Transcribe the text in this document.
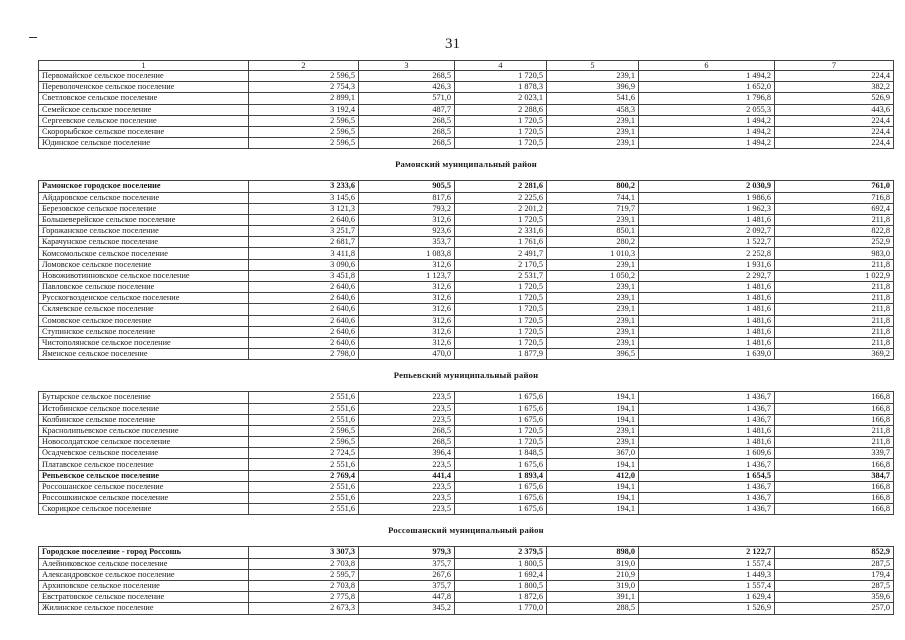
31
1	2	3	4	5	6	7
Первомайское сельское поселение	2 596,5	268,5	1 720,5	239,1	1 494,2	224,4
Переволоченское сельское поселение	2 754,3	426,3	1 878,3	396,9	1 652,0	382,2
Светловское сельское поселение	2 899,1	571,0	2 023,1	541,6	1 796,8	526,9
Семейское сельское поселение	3 192,4	487,7	2 288,6	458,3	2 055,3	443,6
Сергеевское сельское поселение	2 596,5	268,5	1 720,5	239,1	1 494,2	224,4
Скорорыбское сельское поселение	2 596,5	268,5	1 720,5	239,1	1 494,2	224,4
Юдинское сельское поселение	2 596,5	268,5	1 720,5	239,1	1 494,2	224,4
Рамонский муниципальный район						
Рамонское городское поселение	3 233,6	905,5	2 281,6	800,2	2 030,9	761,0
Айдаровское сельское поселение	3 145,6	817,6	2 225,6	744,1	1 986,6	716,8
Березовское сельское поселение	3 121,3	793,2	2 201,2	719,7	1 962,3	692,4
Большеверейское сельское поселение	2 640,6	312,6	1 720,5	239,1	1 481,6	211,8
Горожанское сельское поселение	3 251,7	923,6	2 331,6	850,1	2 092,7	822,8
Карачунское сельское поселение	2 681,7	353,7	1 761,6	280,2	1 522,7	252,9
Комсомольское сельское поселение	3 411,8	1 083,8	2 491,7	1 010,3	2 252,8	983,0
Ломовское сельское поселение	3 090,6	312,6	2 170,5	239,1	1 931,6	211,8
Новоживотинновское сельское поселение	3 451,8	1 123,7	2 531,7	1 050,2	2 292,7	1 022,9
Павловское сельское поселение	2 640,6	312,6	1 720,5	239,1	1 481,6	211,8
Русскогвозденское сельское поселение	2 640,6	312,6	1 720,5	239,1	1 481,6	211,8
Скляевское сельское поселение	2 640,6	312,6	1 720,5	239,1	1 481,6	211,8
Сомовское сельское поселение	2 640,6	312,6	1 720,5	239,1	1 481,6	211,8
Ступинское сельское поселение	2 640,6	312,6	1 720,5	239,1	1 481,6	211,8
Чистополянское сельское поселение	2 640,6	312,6	1 720,5	239,1	1 481,6	211,8
Яменское сельское поселение	2 798,0	470,0	1 877,9	396,5	1 639,0	369,2
Репьевский муниципальный район						
Бутырское сельское поселение	2 551,6	223,5	1 675,6	194,1	1 436,7	166,8
Истобинское сельское поселение	2 551,6	223,5	1 675,6	194,1	1 436,7	166,8
Колбинское сельское поселение	2 551,6	223,5	1 675,6	194,1	1 436,7	166,8
Краснолипьевское сельское поселение	2 596,5	268,5	1 720,5	239,1	1 481,6	211,8
Новосолдатское сельское поселение	2 596,5	268,5	1 720,5	239,1	1 481,6	211,8
Осадчевское сельское поселение	2 724,5	396,4	1 848,5	367,0	1 609,6	339,7
Платавское сельское поселение	2 551,6	223,5	1 675,6	194,1	1 436,7	166,8
Репьевское сельское поселение	2 769,4	441,4	1 893,4	412,0	1 654,5	384,7
Россошанское сельское поселение	2 551,6	223,5	1 675,6	194,1	1 436,7	166,8
Россошкинское сельское поселение	2 551,6	223,5	1 675,6	194,1	1 436,7	166,8
Скорицкое сельское поселение	2 551,6	223,5	1 675,6	194,1	1 436,7	166,8
Россошанский муниципальный район						
Городское поселение - город Россошь	3 307,3	979,3	2 379,5	898,0	2 122,7	852,9
Алейниковское сельское поселение	2 703,8	375,7	1 800,5	319,0	1 557,4	287,5
Александровское сельское поселение	2 595,7	267,6	1 692,4	210,9	1 449,3	179,4
Архиповское сельское поселение	2 703,8	375,7	1 800,5	319,0	1 557,4	287,5
Евстратовское сельское поселение	2 775,8	447,8	1 872,6	391,1	1 629,4	359,6
Жилинское сельское поселение	2 673,3	345,2	1 770,0	288,5	1 526,9	257,0
